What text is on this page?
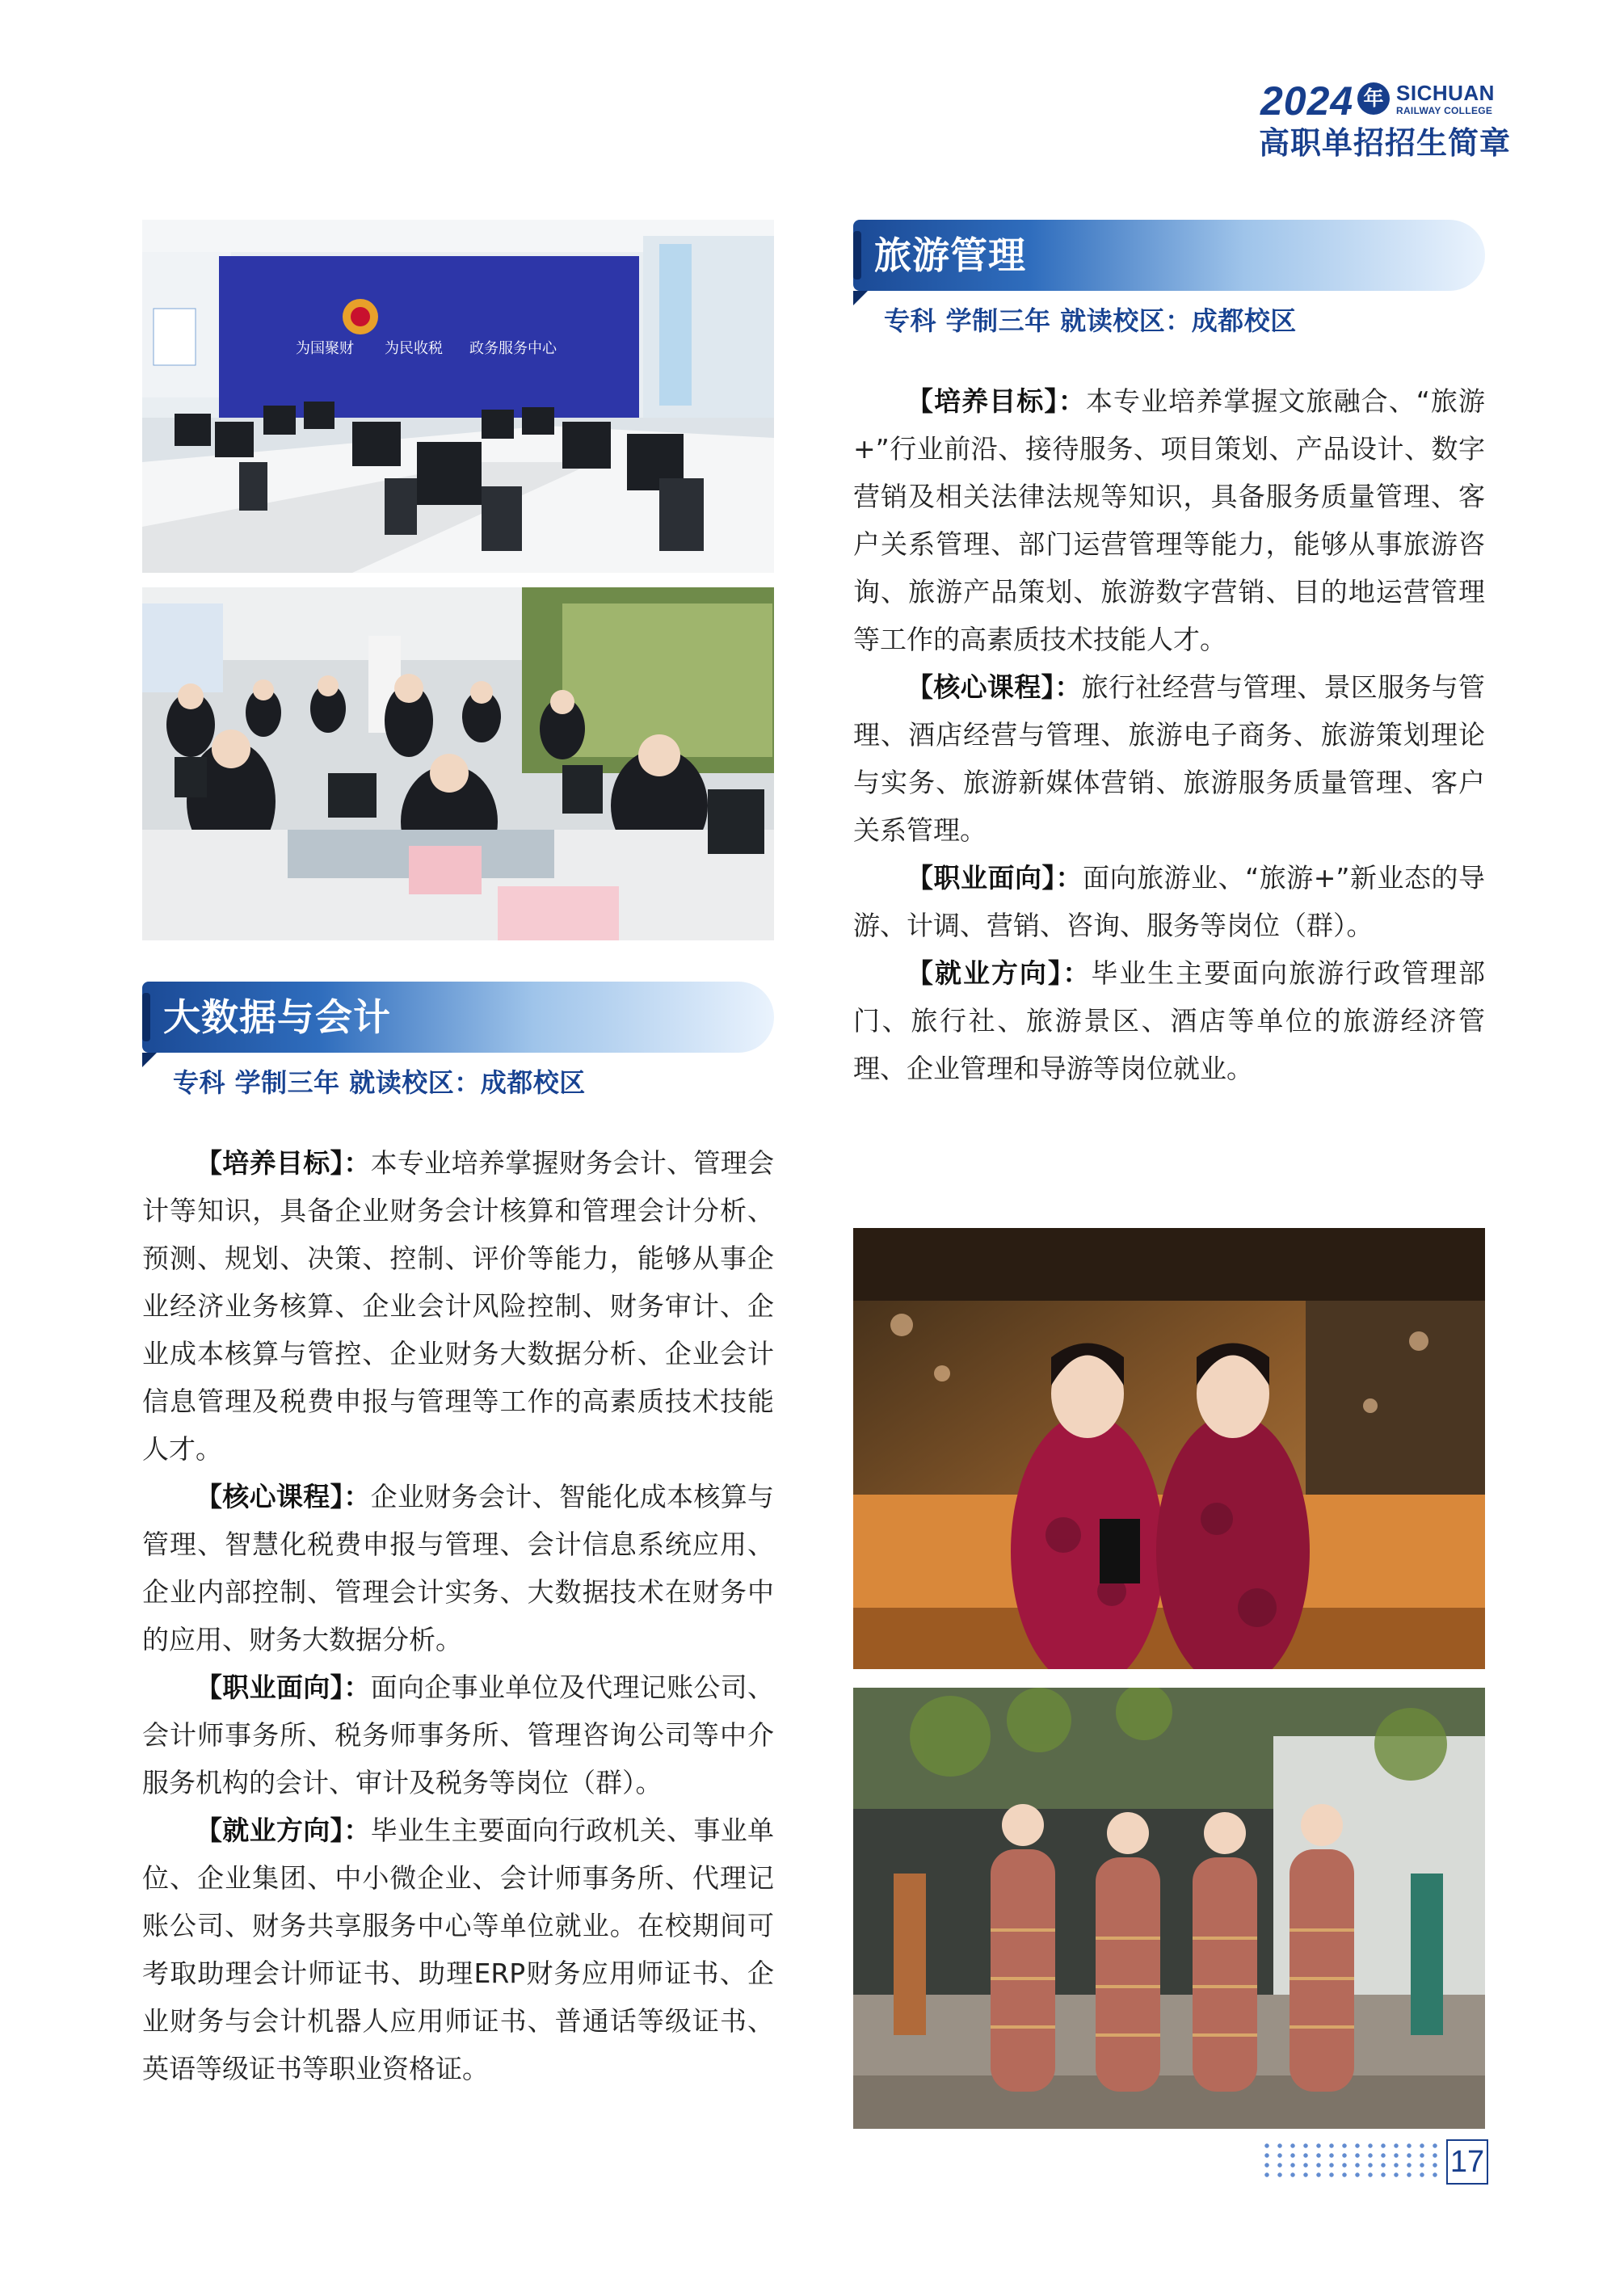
2024 年 SICHUAN
RAILWAY COLLEGE
高职单招招生简章
为国聚财 为民收税 政务服务中心
大数据与会计
专科 学制三年 就读校区：成都校区

【培养目标】：本专业培养掌握财务会计、管理会计等知识，具备企业财务会计核算和管理会计分析、预测、规划、决策、控制、评价等能力，能够从事企业经济业务核算、企业会计风险控制、财务审计、企业成本核算与管控、企业财务大数据分析、企业会计信息管理及税费申报与管理等工作的高素质技术技能人才。

【核心课程】：企业财务会计、智能化成本核算与管理、智慧化税费申报与管理、会计信息系统应用、企业内部控制、管理会计实务、大数据技术在财务中的应用、财务大数据分析。

【职业面向】：面向企事业单位及代理记账公司、会计师事务所、税务师事务所、管理咨询公司等中介服务机构的会计、审计及税务等岗位（群）。

【就业方向】：毕业生主要面向行政机关、事业单位、企业集团、中小微企业、会计师事务所、代理记账公司、财务共享服务中心等单位就业。在校期间可考取助理会计师证书、助理ERP财务应用师证书、企业财务与会计机器人应用师证书、普通话等级证书、英语等级证书等职业资格证。

旅游管理
专科 学制三年 就读校区：成都校区

【培养目标】：本专业培养掌握文旅融合、“旅游+”行业前沿、接待服务、项目策划、产品设计、数字营销及相关法律法规等知识，具备服务质量管理、客户关系管理、部门运营管理等能力，能够从事旅游咨询、旅游产品策划、旅游数字营销、目的地运营管理等工作的高素质技术技能人才。

【核心课程】：旅行社经营与管理、景区服务与管理、酒店经营与管理、旅游电子商务、旅游策划理论与实务、旅游新媒体营销、旅游服务质量管理、客户关系管理。

【职业面向】：面向旅游业、“旅游+”新业态的导游、计调、营销、咨询、服务等岗位（群）。

【就业方向】：毕业生主要面向旅游行政管理部门、旅行社、旅游景区、酒店等单位的旅游经济管理、企业管理和导游等岗位就业。

17
